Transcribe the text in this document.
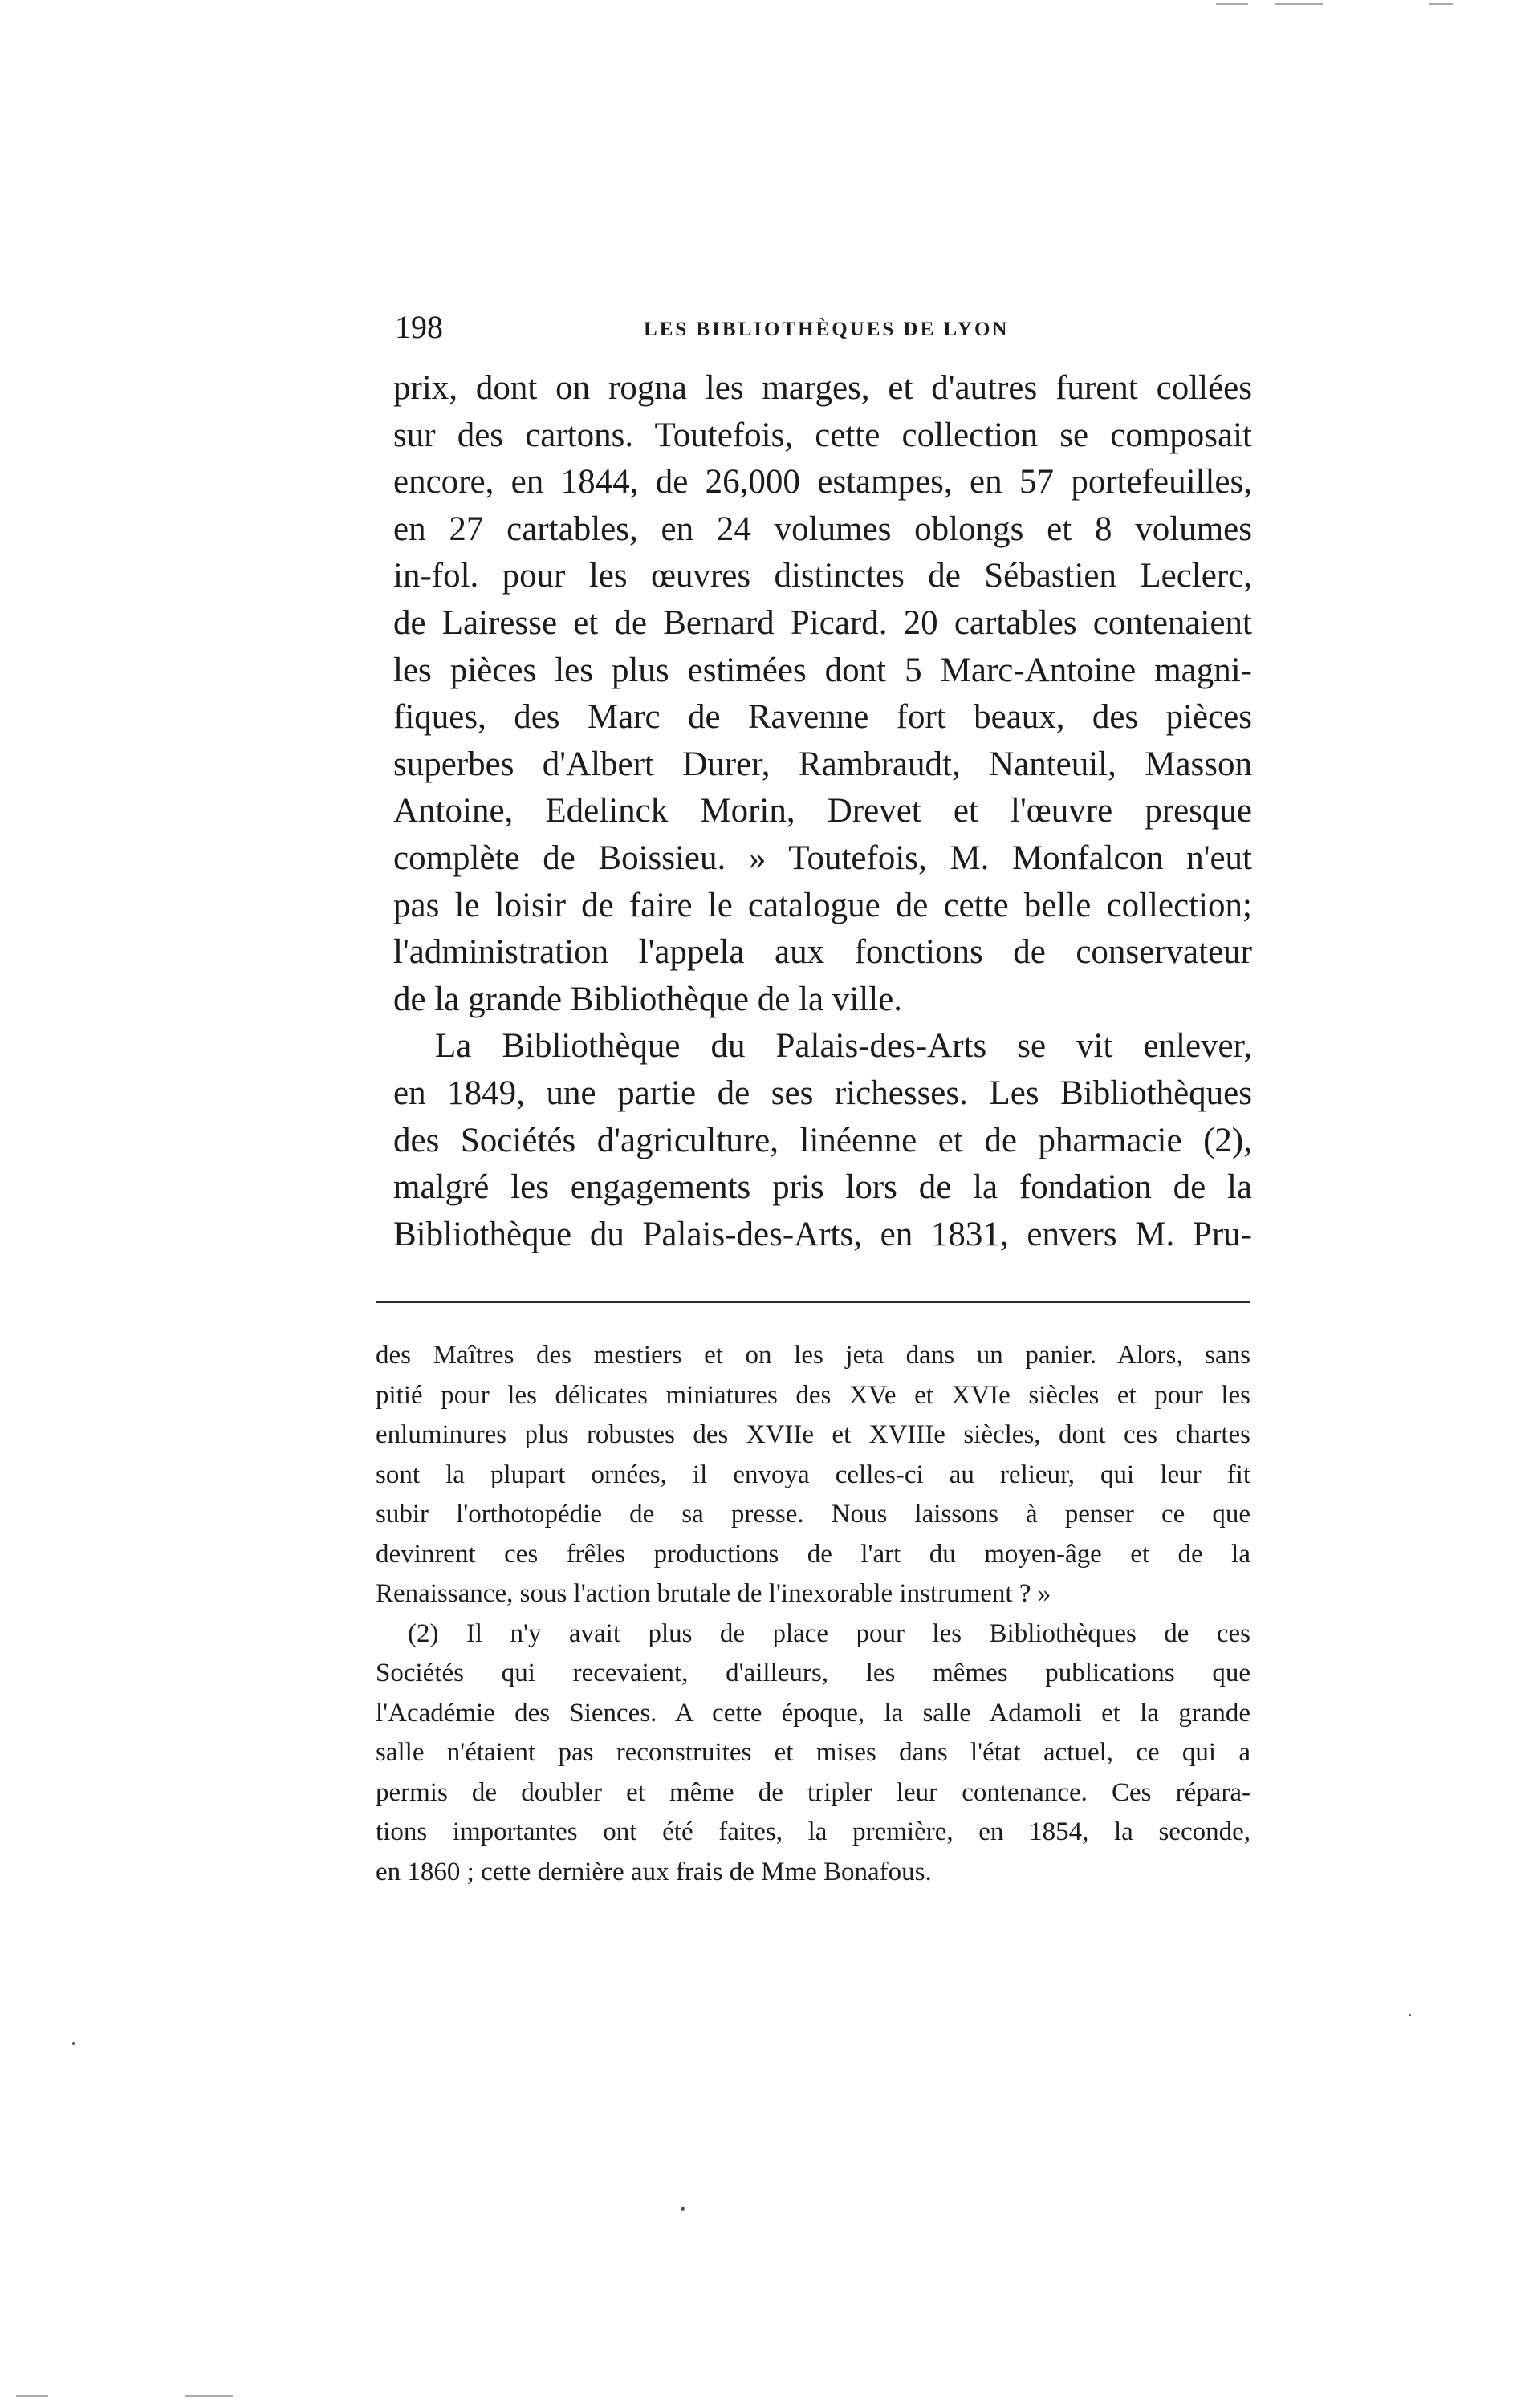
198	LES BIBLIOTHÈQUES DE LYON
prix, dont on rogna les marges, et d'autres furent collées
sur des cartons. Toutefois, cette collection se composait
encore, en 1844, de 26,000 estampes, en 57 portefeuilles,
en 27 cartables, en 24 volumes oblongs et 8 volumes
in-fol. pour les œuvres distinctes de Sébastien Leclerc,
de Lairesse et de Bernard Picard. 20 cartables contenaient
les pièces les plus estimées dont 5 Marc-Antoine magni-
fiques, des Marc de Ravenne fort beaux, des pièces
superbes d'Albert Durer, Rambraudt, Nanteuil, Masson
Antoine, Edelinck Morin, Drevet et l'œuvre presque
complète de Boissieu. » Toutefois, M. Monfalcon n'eut
pas le loisir de faire le catalogue de cette belle collection;
l'administration l'appela aux fonctions de conservateur
de la grande Bibliothèque de la ville.
La Bibliothèque du Palais-des-Arts se vit enlever,
en 1849, une partie de ses richesses. Les Bibliothèques
des Sociétés d'agriculture, linéenne et de pharmacie (2),
malgré les engagements pris lors de la fondation de la
Bibliothèque du Palais-des-Arts, en 1831, envers M. Pru-
des Maîtres des mestiers et on les jeta dans un panier. Alors, sans
pitié pour les délicates miniatures des XVe et XVIe siècles et pour les
enluminures plus robustes des XVIIe et XVIIIe siècles, dont ces chartes
sont la plupart ornées, il envoya celles-ci au relieur, qui leur fit
subir l'orthotopédie de sa presse. Nous laissons à penser ce que
devinrent ces frêles productions de l'art du moyen-âge et de la
Renaissance, sous l'action brutale de l'inexorable instrument ? »
(2) Il n'y avait plus de place pour les Bibliothèques de ces
Sociétés qui recevaient, d'ailleurs, les mêmes publications que
l'Académie des Siences. A cette époque, la salle Adamoli et la grande
salle n'étaient pas reconstruites et mises dans l'état actuel, ce qui a
permis de doubler et même de tripler leur contenance. Ces répara-
tions importantes ont été faites, la première, en 1854, la seconde,
en 1860 ; cette dernière aux frais de Mme Bonafous.
